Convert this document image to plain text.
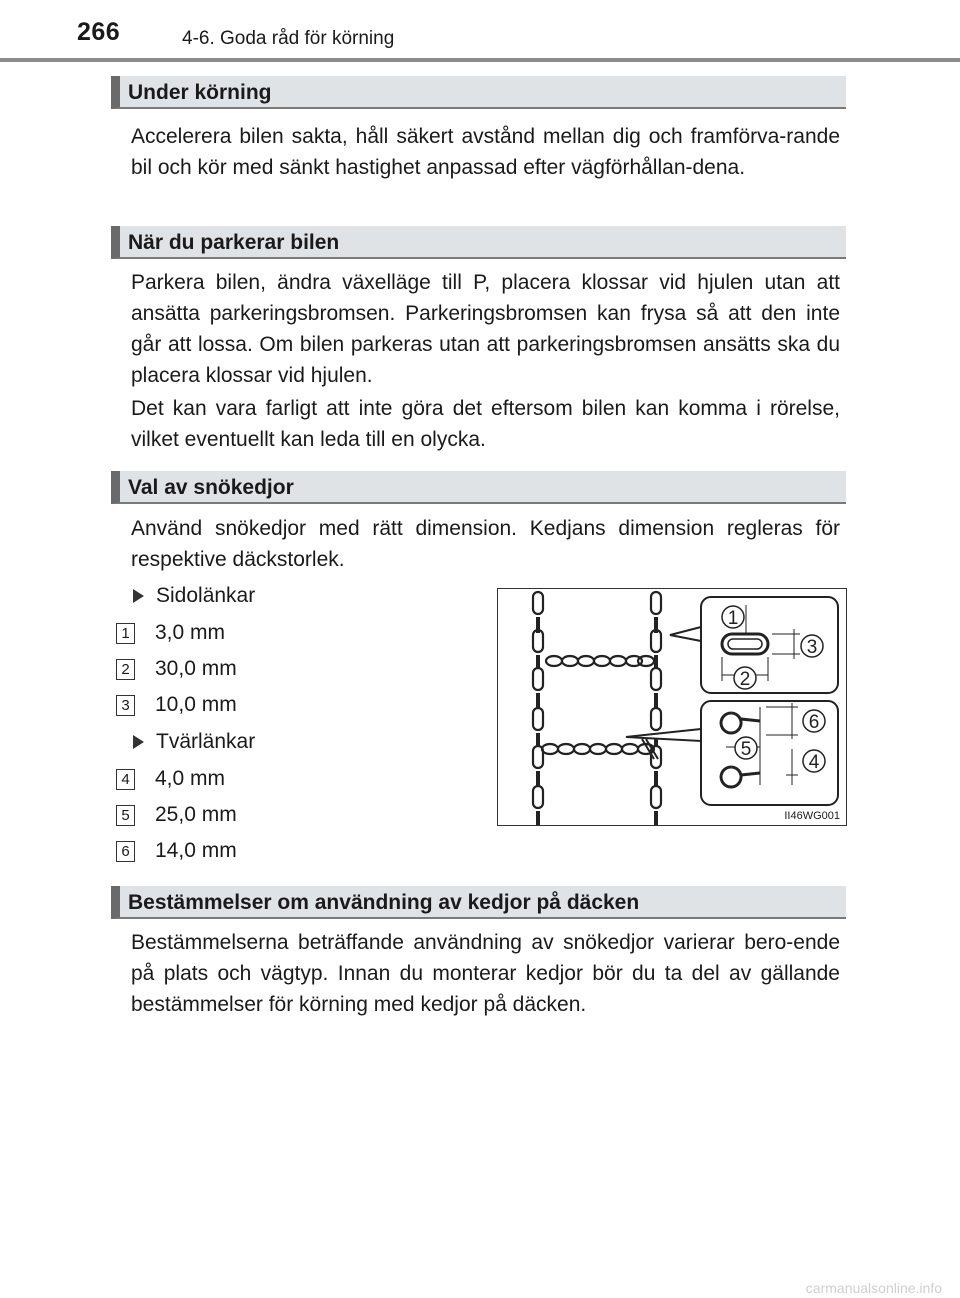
266	4-6. Goda råd för körning
Under körning

Accelerera bilen sakta, håll säkert avstånd mellan dig och framförva-rande bil och kör med sänkt hastighet anpassad efter vägförhållan-dena.

När du parkerar bilen

Parkera bilen, ändra växelläge till P, placera klossar vid hjulen utan att ansätta parkeringsbromsen. Parkeringsbromsen kan frysa så att den inte går att lossa. Om bilen parkeras utan att parkeringsbromsen ansätts ska du placera klossar vid hjulen.

Det kan vara farligt att inte göra det eftersom bilen kan komma i rörelse, vilket eventuellt kan leda till en olycka.

Val av snökedjor

Använd snökedjor med rätt dimension. Kedjans dimension regleras för respektive däckstorlek.

Sidolänkar
1 3,0 mm
2 30,0 mm
3 10,0 mm
Tvärlänkar
4 4,0 mm
5 25,0 mm
6 14,0 mm
1
3
2
6
5
4
II46WG001
Bestämmelser om användning av kedjor på däcken

Bestämmelserna beträffande användning av snökedjor varierar bero-ende på plats och vägtyp. Innan du monterar kedjor bör du ta del av gällande bestämmelser för körning med kedjor på däcken.

carmanualsonline.info
